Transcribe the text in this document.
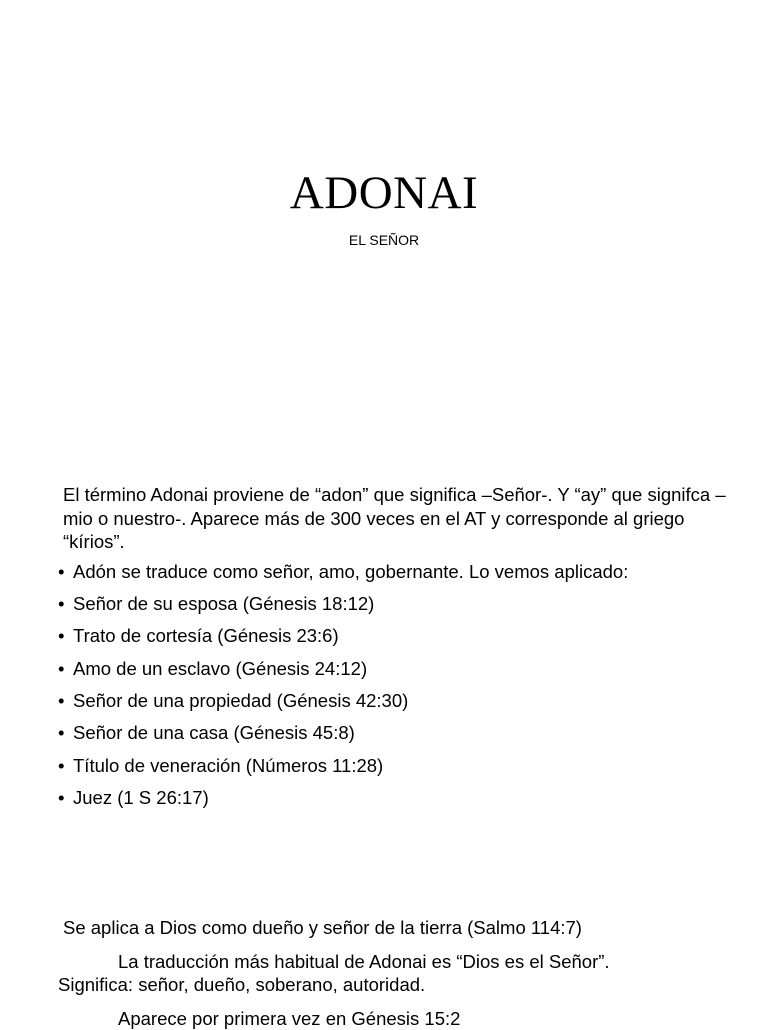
ADONAI
EL SEÑOR

El término Adonai proviene de “adon” que significa –Señor-. Y “ay” que signifca –mio o nuestro-. Aparece más de 300 veces en el AT y corresponde al griego “kírios”.

• Adón se traduce como señor, amo, gobernante. Lo vemos aplicado:
• Señor de su esposa (Génesis 18:12)
• Trato de cortesía (Génesis 23:6)
• Amo de un esclavo (Génesis 24:12)
• Señor de una propiedad (Génesis 42:30)
• Señor de una casa (Génesis 45:8)
• Título de veneración (Números 11:28)
• Juez (1 S 26:17)

Se aplica a Dios como dueño y señor de la tierra (Salmo 114:7)

La traducción más habitual de Adonai es “Dios es el Señor”.

Significa: señor, dueño, soberano, autoridad.

Aparece por primera vez en Génesis 15:2
